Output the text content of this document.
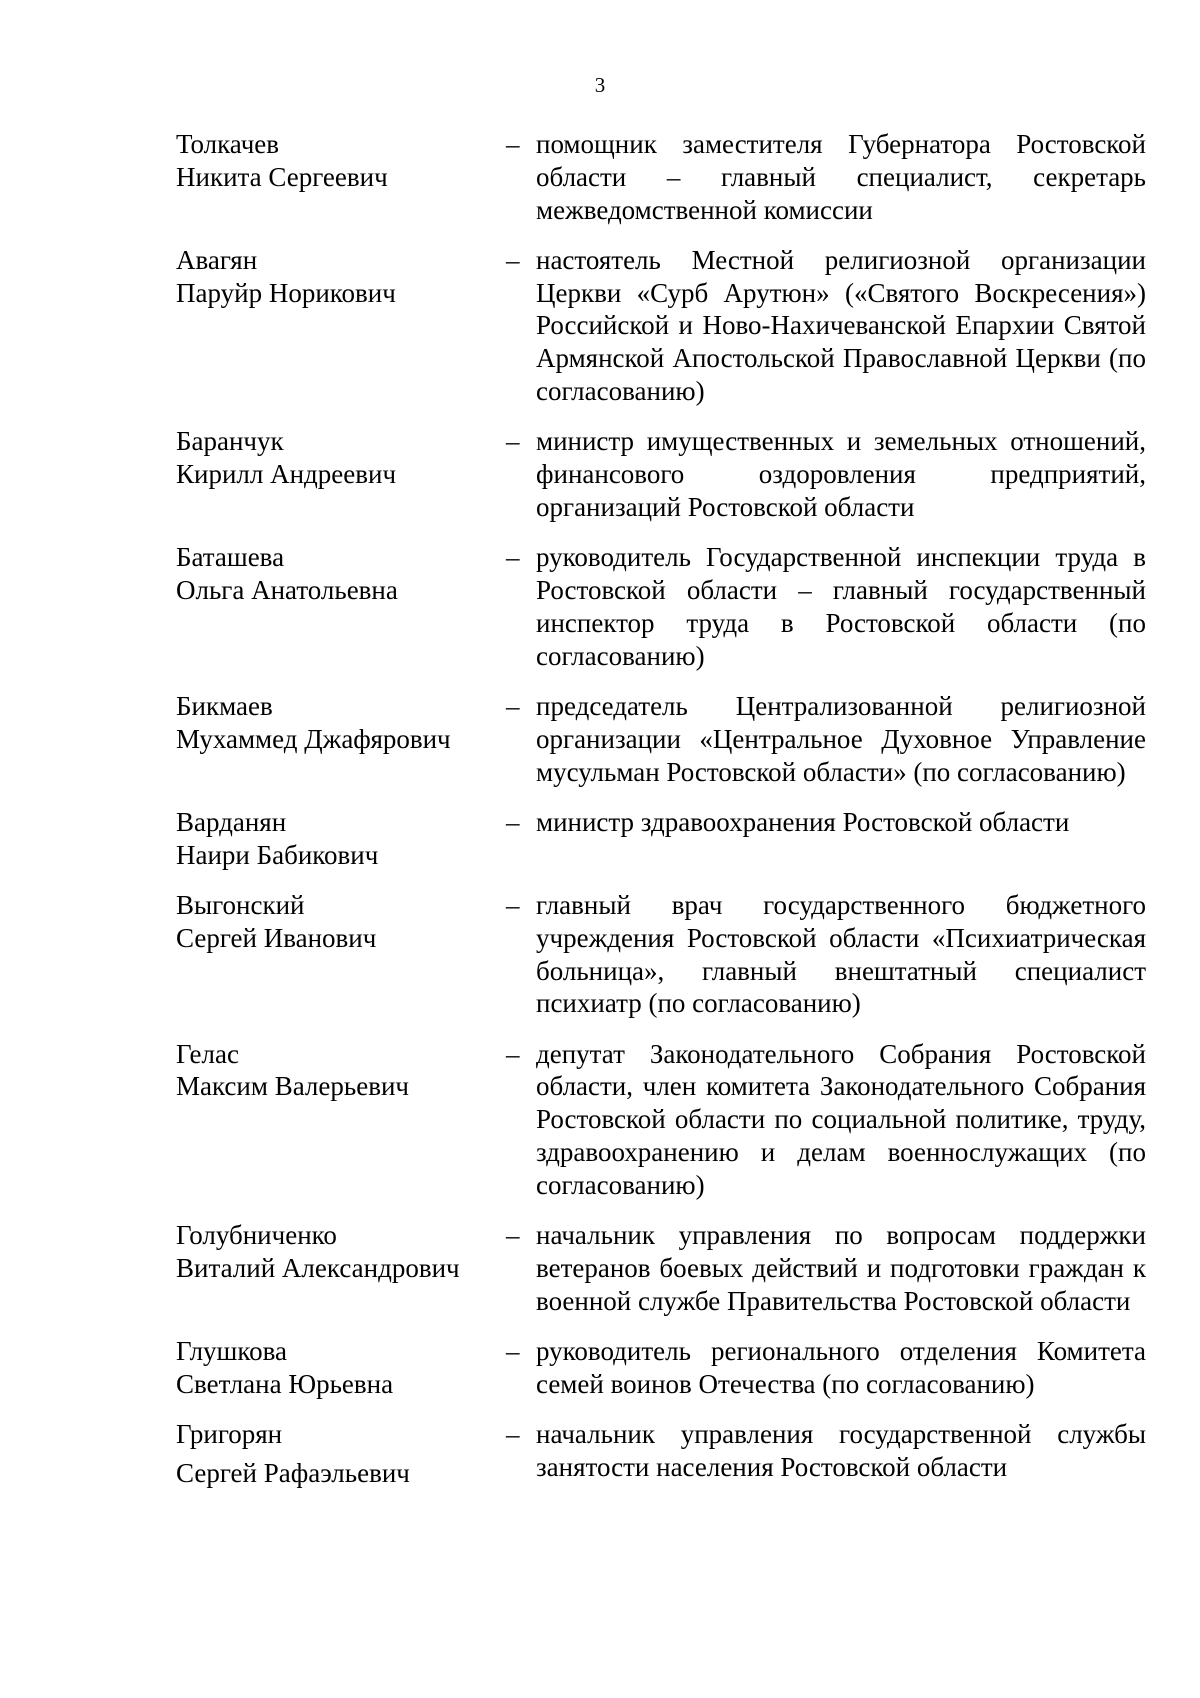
3
Толкачев
Никита Сергеевич
– помощник заместителя Губернатора Ростовской области – главный специалист, секретарь межведомственной комиссии
Авагян
Паруйр Норикович
– настоятель Местной религиозной организации Церкви «Сурб Арутюн» («Святого Воскресения») Российской и Ново-Нахичеванской Епархии Святой Армянской Апостольской Православной Церкви (по согласованию)
Баранчук
Кирилл Андреевич
– министр имущественных и земельных отношений, финансового оздоровления предприятий, организаций Ростовской области
Баташева
Ольга Анатольевна
– руководитель Государственной инспекции труда в Ростовской области – главный государственный инспектор труда в Ростовской области (по согласованию)
Бикмаев
Мухаммед Джафярович
– председатель Централизованной религиозной организации «Центральное Духовное Управление мусульман Ростовской области» (по согласованию)
Варданян
Наири Бабикович
– министр здравоохранения Ростовской области
Выгонский
Сергей Иванович
– главный врач государственного бюджетного учреждения Ростовской области «Психиатрическая больница», главный внештатный специалист психиатр (по согласованию)
Гелас
Максим Валерьевич
– депутат Законодательного Собрания Ростовской области, член комитета Законодательного Собрания Ростовской области по социальной политике, труду, здравоохранению и делам военнослужащих (по согласованию)
Голубниченко
Виталий Александрович
– начальник управления по вопросам поддержки ветеранов боевых действий и подготовки граждан к военной службе Правительства Ростовской области
Глушкова
Светлана Юрьевна
– руководитель регионального отделения Комитета семей воинов Отечества (по согласованию)
Григорян
Сергей Рафаэльевич
– начальник управления государственной службы занятости населения Ростовской области
